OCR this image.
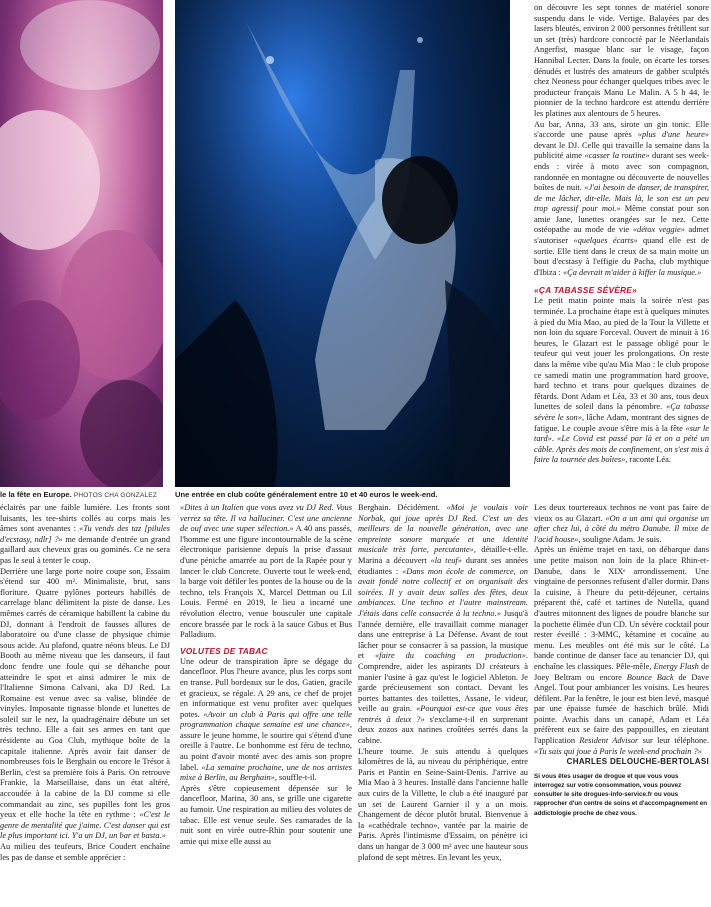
le la fête en Europe. PHOTOS CHA GONZALEZ Une entrée en club coûte généralement entre 10 et 40 euros le week-end.

on découvre les sept tonnes de matériel sonore suspendu dans le vide. Vertige. Balayées par des lasers bleutés, environ 2 000 personnes frétillent sur un set (très) hardcore concocté par le Néerlandais Angerfist, masque blanc sur le visage, façon Hannibal Lecter. Dans la foule, on écarte les torses dénudés et lustrés des amateurs de gabber sculptés chez Neoness pour échanger quelques tribes avec le producteur français Manu Le Malin. A 5 h 44, le pionnier de la techno hardcore est attendu derrière les platines aux alentours de 5 heures.

Au bar, Anna, 33 ans, sirote un gin tonic. Elle s'accorde une pause après «plus d'une heure» devant le DJ. Celle qui travaille la semaine dans la publicité aime «casser la routine» durant ses week-ends : virée à moto avec son compagnon, randonnée en montagne ou découverte de nouvelles boîtes de nuit. «J'ai besoin de danser, de transpirer, de me lâcher, dit-elle. Mais là, le son est un peu trop agressif pour moi.» Même constat pour son amie Jane, lunettes orangées sur le nez. Cette ostéopathe au mode de vie «détox veggie» admet s'autoriser «quelques écarts» quand elle est de sortie. Elle tient dans le creux de sa main moite un bout d'ecstasy à l'effigie du Pacha, club mythique d'Ibiza : «Ça devrait m'aider à kiffer la musique.»

«ÇA TABASSE SÉVÈRE»

Le petit matin pointe mais la soirée n'est pas terminée. La prochaine étape est à quelques minutes à pied du Mia Mao, au pied de la Tour la Villette et non loin du square Forceval. Ouvert de minuit à 16 heures, le Glazart est le passage obligé pour le teufeur qui veut jouer les prolongations. On reste dans la même vibe qu'au Mia Mao : le club propose ce samedi matin une programmation hard groove, hard techno et trans pour quelques dizaines de fêtards. Dont Adam et Léa, 33 et 30 ans, tous deux lunettes de soleil dans la pénombre. «Ça tabasse sévère le son», lâche Adam, montrant des signes de fatigue. Le couple avoue s'être mis à la fête «sur le tard». «Le Covid est passé par là et on a pété un câble. Après des mois de confinement, on s'est mis à faire la tournée des boîtes», raconte Léa.

éclairés par une faible lumière. Les fronts sont luisants, les tee-shirts collés au corps mais les âmes sont avenantes : «Tu vends des taz [pilules d'ecstasy, ndlr] ?» me demande d'entrée un grand gaillard aux cheveux gras ou gominés. Ce ne sera pas le seul à tenter le coup.

Derrière une large porte noire coupe son, Essaim s'étend sur 400 m². Minimaliste, brut, sans floriture. Quatre pylônes porteurs habillés de carrelage blanc délimitent la piste de danse. Les mêmes carrés de céramique habillent la cabine du DJ, donnant à l'endroit de fausses allures de laboratoire ou d'une classe de physique chimie sous acide. Au plafond, quatre néons bleus. Le DJ Booth au même niveau que les danseurs, il faut donc fendre une foule qui se déhanche pour atteindre le spot et ainsi admirer le mix de l'Italienne Simona Calvani, aka DJ Red. La Romaine est venue avec sa valise, blindée de vinyles. Imposante tignasse blonde et lunettes de soleil sur le nez, la quadragénaire débute un set très techno. Elle a fait ses armes en tant que résidente au Goa Club, mythique boîte de la capitale italienne. Après avoir fait danser de nombreuses fois le Berghain ou encore le Trésor à Berlin, c'est sa première fois à Paris. On retrouve Frankie, la Marseillaise, dans un état altéré, accoudée à la cabine de la DJ comme si elle commandait au zinc, ses pupilles font les gros yeux et elle hoche la tête en rythme : «C'est le genre de mentalité que j'aime. C'est danser qui est le plus important ici. Y'a un DJ, un bar et basta.»

Au milieu des teufeurs, Brice Coudert enchaîne les pas de danse et semble apprécier :

«Dites à un Italien que vous avez vu DJ Red. Vous verrez sa tête. Il va halluciner. C'est une ancienne de ouf avec une super sélection.» A 40 ans passés, l'homme est une figure incontournable de la scène électronique parisienne depuis la prise d'assaut d'une péniche amarrée au port de la Rapée pour y lancer le club Concrete. Ouverte tout le week-end, la barge voit défiler les pontes de la house ou de la techno, tels François X, Marcel Dettman ou Lil Louis. Fermé en 2019, le lieu a incarné une révolution électro, venue bousculer une capitale encore brassée par le rock à la sauce Gibus et Bus Palladium.

VOLUTES DE TABAC

Une odeur de transpiration âpre se dégage du dancefloor. Plus l'heure avance, plus les corps sont en transe. Pull bordeaux sur le dos, Gatien, gracile et gracieux, se régale. A 29 ans, ce chef de projet en informatique est venu profiter avec quelques potes. «Avoir un club à Paris qui offre une telle programmation chaque semaine est une chance», assure le jeune homme, le sourire qui s'étend d'une oreille à l'autre. Le bonhomme est féru de techno, au point d'avoir monté avec des amis son propre label. «La semaine prochaine, une de nos artistes mixe à Berlin, au Berghain», souffle-t-il.

Après s'être copieusement dépensée sur le dancefloor, Marina, 30 ans, se grille une cigarette au fumoir. Une respiration au milieu des volutes de tabac. Elle est venue seule. Ses camarades de la nuit sont en virée outre-Rhin pour soutenir une amie qui mixe elle aussi au

Berghain. Décidément. «Moi je voulais voir Norbak, qui joue après DJ Red. C'est un des meilleurs de la nouvelle génération, avec une empreinte sonore marquée et une identité musicale très forte, percutante», détaille-t-elle. Marina a découvert «la teuf» durant ses années étudiantes : «Dans mon école de commerce, on avait fondé notre collectif et on organisait des soirées. Il y avait deux salles des fêtes, deux ambiances. Une techno et l'autre mainstream. J'étais dans celle consacrée à la techno.» Jusqu'à l'année dernière, elle travaillait comme manager dans une entreprise à La Défense. Avant de tout lâcher pour se consacrer à sa passion, la musique et «faire du coaching en production». Comprendre, aider les aspirants DJ créateurs à manier l'usine à gaz qu'est le logiciel Ableton. Je garde précieusement son contact. Devant les portes battantes des toilettes, Assane, le videur, veille au grain. «Pourquoi est-ce que vous êtes rentrés à deux ?» s'exclame-t-il en surprenant deux zozos aux narines croûtées serrés dans la cabine.

L'heure tourne. Je suis attendu à quelques kilomètres de là, au niveau du périphérique, entre Paris et Pantin en Seine-Saint-Denis. J'arrive au Mia Mao à 3 heures. Installé dans l'ancienne halle aux cuirs de la Villette, le club a été inauguré par un set de Laurent Garnier il y a un mois. Changement de décor plutôt brutal. Bienvenue à la «cathédrale techno», vantée par la mairie de Paris. Après l'intimisme d'Essaim, on pénètre ici dans un hangar de 3 000 m² avec une hauteur sous plafond de sept mètres. En levant les yeux,

Les deux tourtereaux technos ne vont pas faire de vieux os au Glazart. «On a un ami qui organise un after chez lui, à côté du métro Danube. Il mixe de l'acid house», souligne Adam. Je suis.

Après un énième trajet en taxi, on débarque dans une petite maison non loin de la place Rhin-et-Danube, dans le XIXᵉ arrondissement. Une vingtaine de personnes refusent d'aller dormir. Dans la cuisine, à l'heure du petit-déjeuner, certains préparent thé, café et tartines de Nutella, quand d'autres mitonnent des lignes de poudre blanche sur la pochette élimée d'un CD. Un sévère cocktail pour rester éveillé : 3-MMC, kétamine et cocaïne au menu. Les meubles ont été mis sur le côté. La bande continue de danser face au tenancier DJ, qui enchaîne les classiques. Pêle-mêle, Energy Flash de Joey Beltram ou encore Bounce Back de Dave Angel. Tout pour ambiancer les voisins. Les heures défilent. Par la fenêtre, le jour est bien levé, masqué par une épaisse fumée de haschich brûlé. Midi pointe. Avachis dans un canapé, Adam et Léa préfèrent eux se faire des pappouilles, en zieutant l'application Resident Advisor sur leur téléphone. «Tu sais qui joue à Paris le week-end prochain ?»

CHARLES DELOUCHE-BERTOLASI

Si vous êtes usager de drogue et que vous vous interrogez sur votre consommation, vous pouvez consulter le site drogues-info-service.fr ou vous rapprocher d'un centre de soins et d'accompagnement en addictologie proche de chez vous.
